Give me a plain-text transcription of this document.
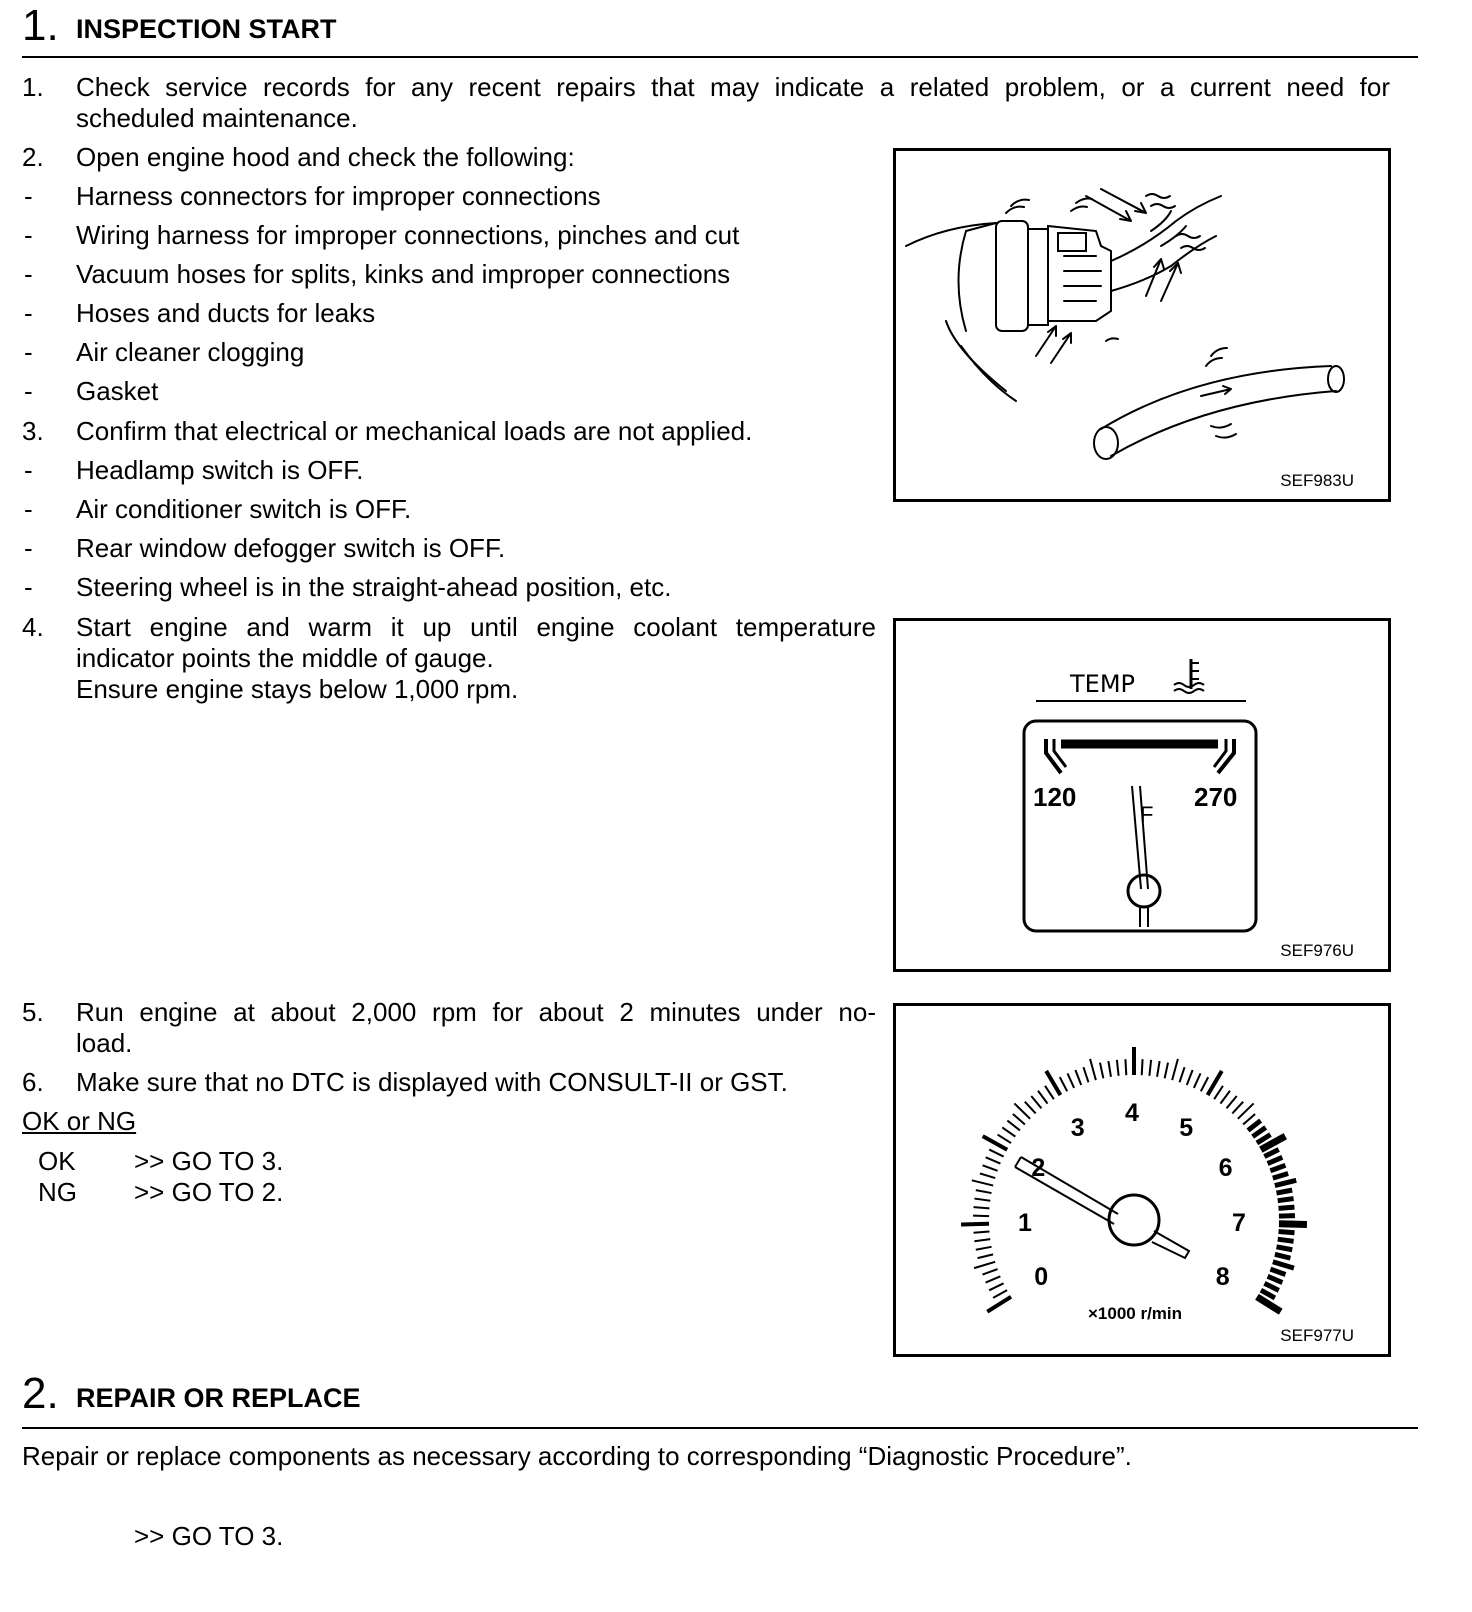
1. INSPECTION START
1. Check service records for any recent repairs that may indicate a related problem, or a current need for
scheduled maintenance.
2. Open engine hood and check the following:
- Harness connectors for improper connections
- Wiring harness for improper connections, pinches and cut
- Vacuum hoses for splits, kinks and improper connections
- Hoses and ducts for leaks
- Air cleaner clogging
- Gasket
3. Confirm that electrical or mechanical loads are not applied.
- Headlamp switch is OFF.
- Air conditioner switch is OFF.
- Rear window defogger switch is OFF.
- Steering wheel is in the straight-ahead position, etc.
4. Start engine and warm it up until engine coolant temperature
indicator points the middle of gauge.
Ensure engine stays below 1,000 rpm.
5. Run engine at about 2,000 rpm for about 2 minutes under no-
load.
6. Make sure that no DTC is displayed with CONSULT-II or GST.
OK or NG
OK >> GO TO 3.
NG >> GO TO 2.
SEF983U
TEMP
120	270
F
SEF976U
0
1
2
3
4
5
6
7
8
×1000 r/min
SEF977U
2. REPAIR OR REPLACE
Repair or replace components as necessary according to corresponding “Diagnostic Procedure”.
>> GO TO 3.
